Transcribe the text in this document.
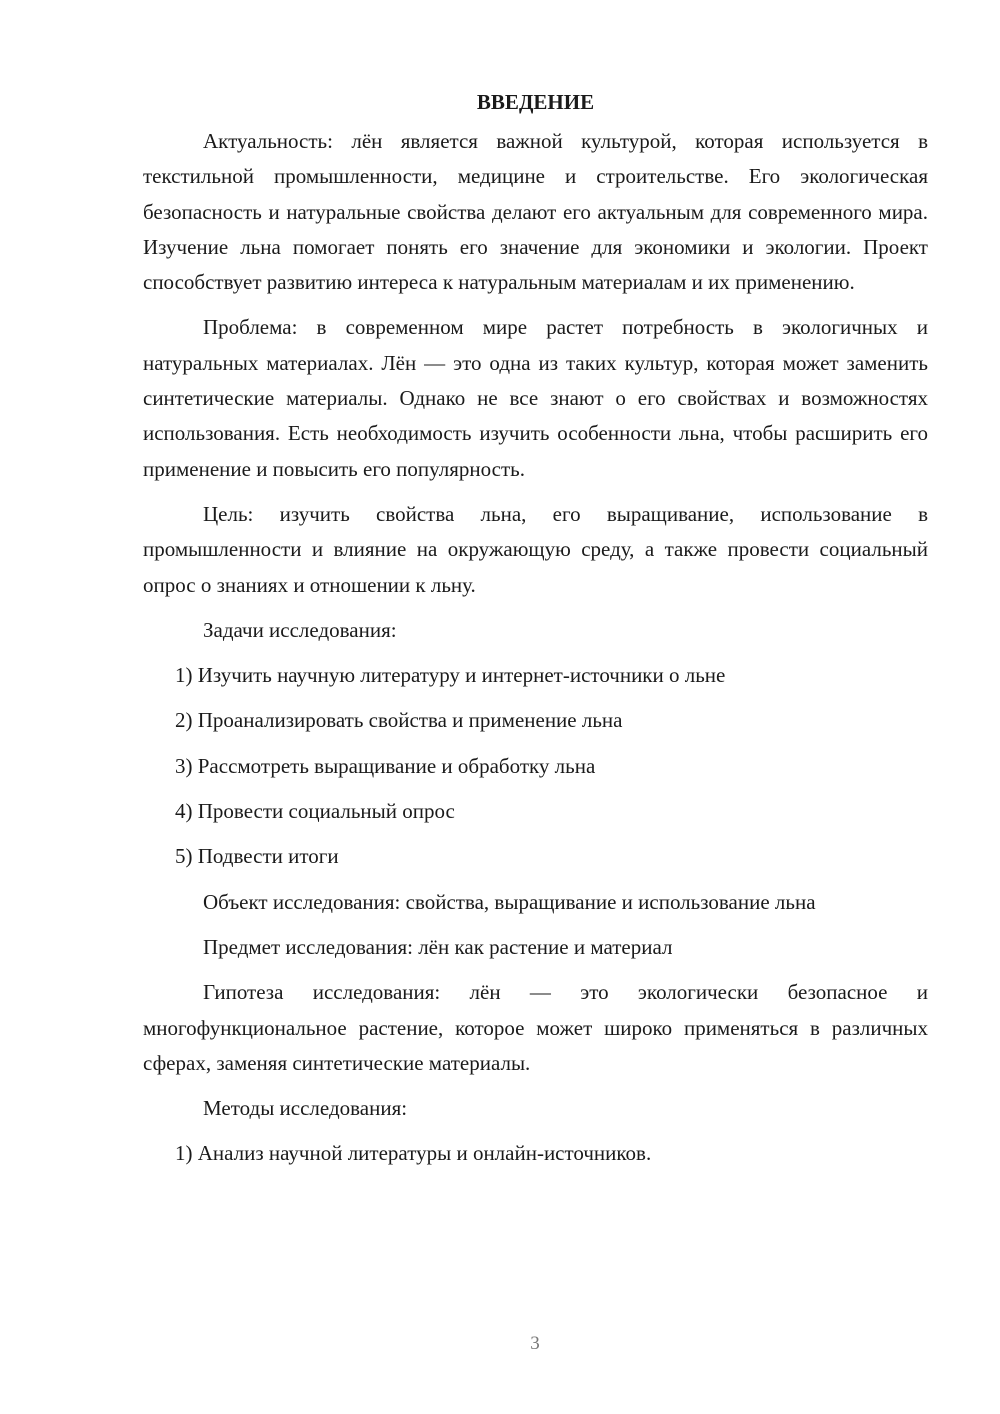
ВВЕДЕНИЕ

Актуальность: лён является важной культурой, которая используется в текстильной промышленности, медицине и строительстве. Его экологическая безопасность и натуральные свойства делают его актуальным для современного мира. Изучение льна помогает понять его значение для экономики и экологии. Проект способствует развитию интереса к натуральным материалам и их применению.

Проблема: в современном мире растет потребность в экологичных и натуральных материалах. Лён — это одна из таких культур, которая может заменить синтетические материалы. Однако не все знают о его свойствах и возможностях использования. Есть необходимость изучить особенности льна, чтобы расширить его применение и повысить его популярность.

Цель: изучить свойства льна, его выращивание, использование в промышленности и влияние на окружающую среду, а также провести социальный опрос о знаниях и отношении к льну.

Задачи исследования:
1) Изучить научную литературу и интернет-источники о льне
2) Проанализировать свойства и применение льна
3) Рассмотреть выращивание и обработку льна
4) Провести социальный опрос
5) Подвести итоги

Объект исследования: свойства, выращивание и использование льна

Предмет исследования: лён как растение и материал

Гипотеза исследования: лён — это экологически безопасное и многофункциональное растение, которое может широко применяться в различных сферах, заменяя синтетические материалы.

Методы исследования:
1) Анализ научной литературы и онлайн-источников.
3
